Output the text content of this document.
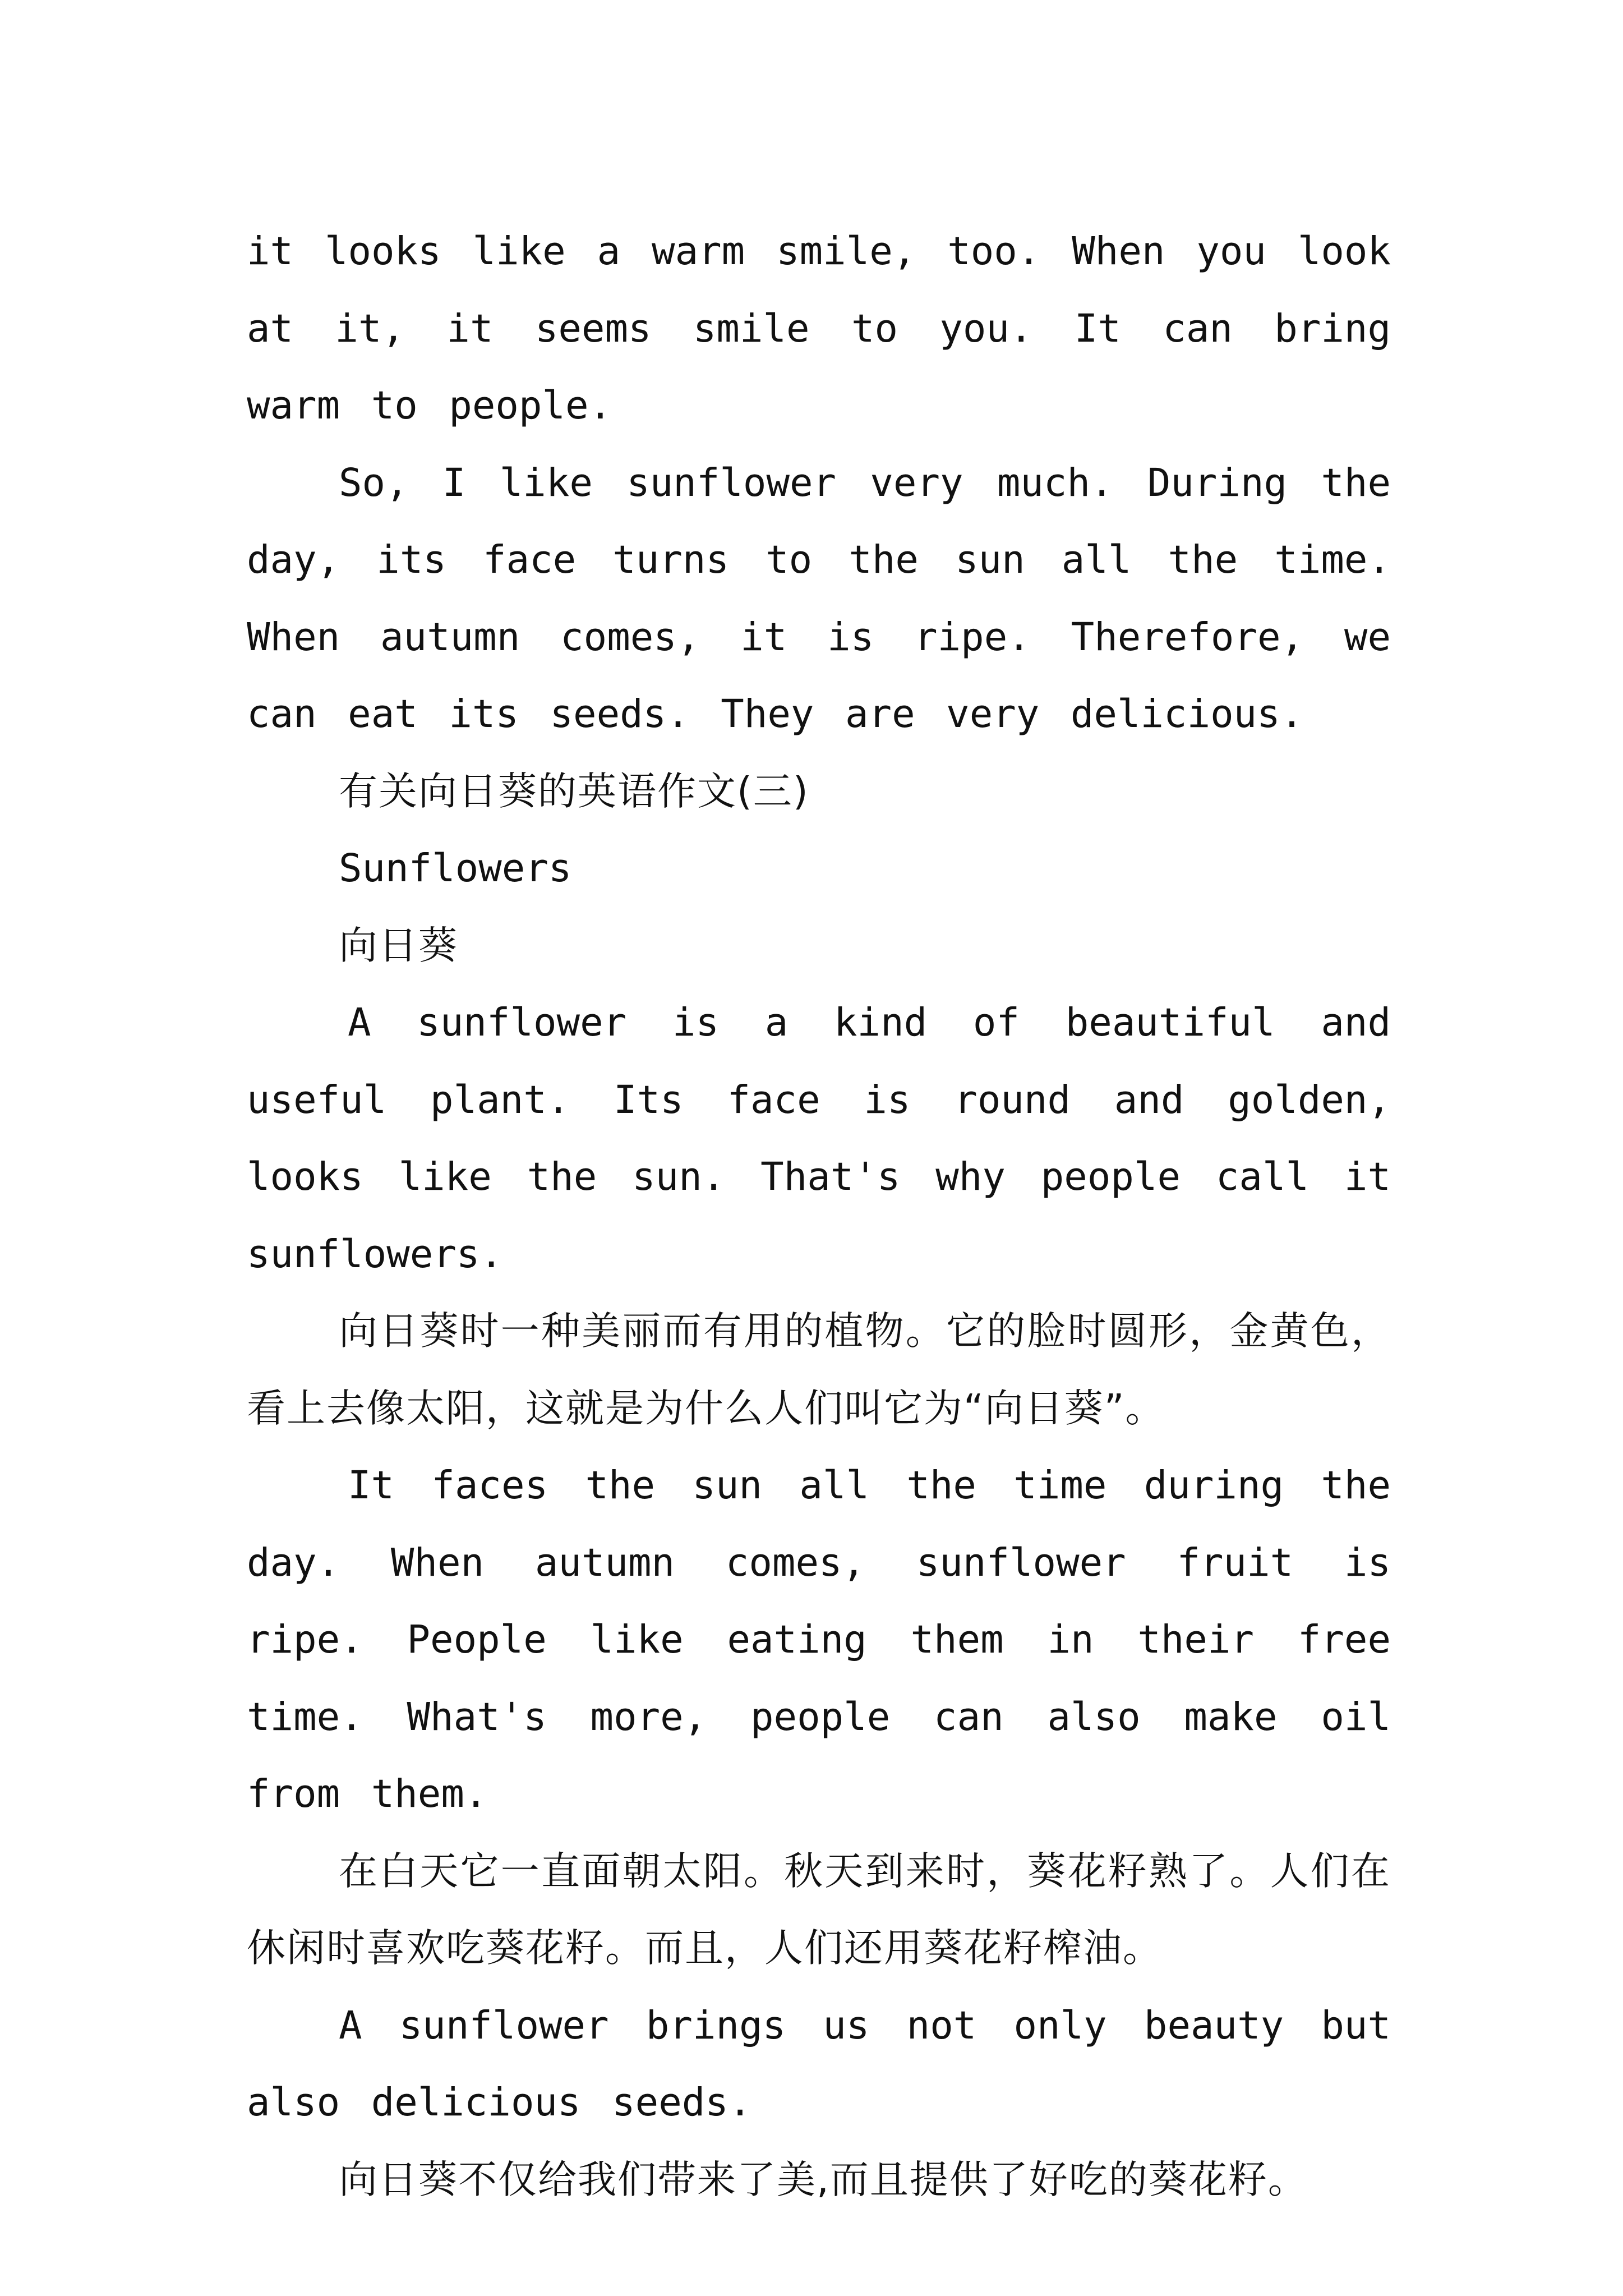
it looks like a warm smile, too. When you look at it, it seems smile to you. It can bring warm to people.

So, I like sunflower very much. During the day, its face turns to the sun all the time. When autumn comes, it is ripe. Therefore, we can eat its seeds. They are very delicious.

有关向日葵的英语作文(三)

Sunflowers

向日葵

A sunflower is a kind of beautiful and useful plant. Its face is round and golden, looks like the sun. That's why people call it sunflowers.

向日葵时一种美丽而有用的植物。它的脸时圆形，金黄色，看上去像太阳，这就是为什么人们叫它为“向日葵”。

It faces the sun all the time during the day. When autumn comes, sunflower fruit is ripe. People like eating them in their free time. What's more, people can also make oil from them.

在白天它一直面朝太阳。秋天到来时，葵花籽熟了。人们在休闲时喜欢吃葵花籽。而且，人们还用葵花籽榨油。

A sunflower brings us not only beauty but also delicious seeds.

向日葵不仅给我们带来了美,而且提供了好吃的葵花籽。
